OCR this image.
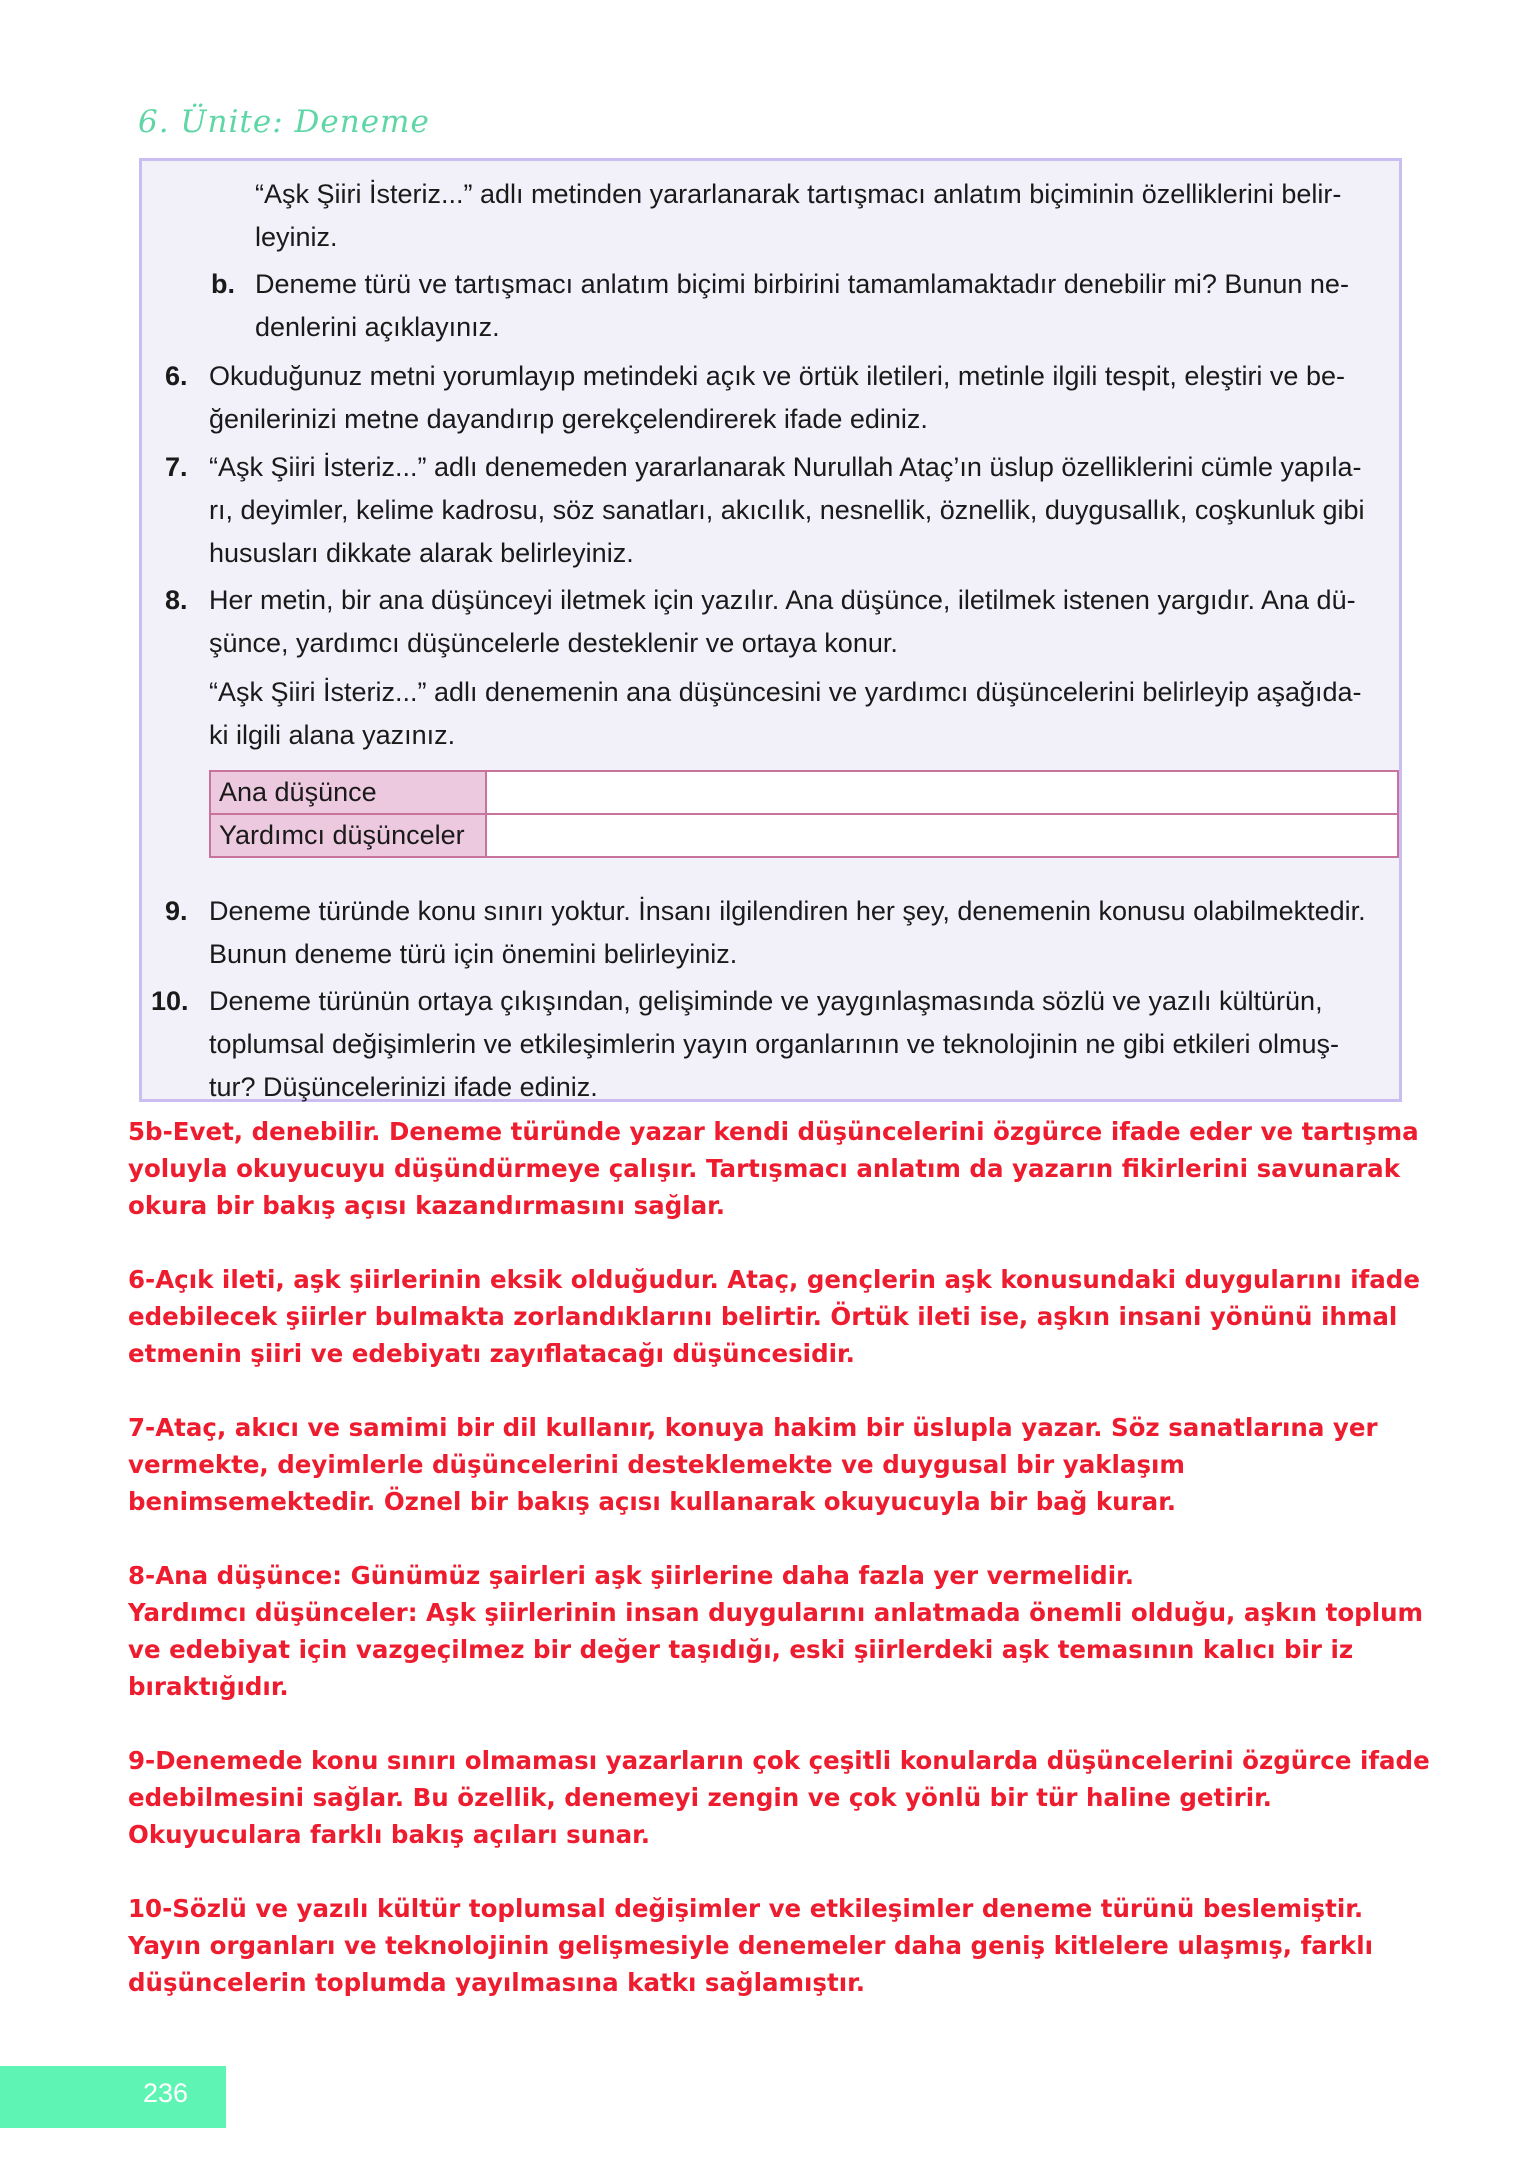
6. Ünite: Deneme
“Aşk Şiiri İsteriz...” adlı metinden yararlanarak tartışmacı anlatım biçiminin özelliklerini belir-
leyiniz.
b. Deneme türü ve tartışmacı anlatım biçimi birbirini tamamlamaktadır denebilir mi? Bunun ne-
denlerini açıklayınız.
6. Okuduğunuz metni yorumlayıp metindeki açık ve örtük iletileri, metinle ilgili tespit, eleştiri ve be-
ğenilerinizi metne dayandırıp gerekçelendirerek ifade ediniz.
7. “Aşk Şiiri İsteriz...” adlı denemeden yararlanarak Nurullah Ataç’ın üslup özelliklerini cümle yapıla-
rı, deyimler, kelime kadrosu, söz sanatları, akıcılık, nesnellik, öznellik, duygusallık, coşkunluk gibi
hususları dikkate alarak belirleyiniz.
8. Her metin, bir ana düşünceyi iletmek için yazılır. Ana düşünce, iletilmek istenen yargıdır. Ana dü-
şünce, yardımcı düşüncelerle desteklenir ve ortaya konur.
“Aşk Şiiri İsteriz...” adlı denemenin ana düşüncesini ve yardımcı düşüncelerini belirleyip aşağıda-
ki ilgili alana yazınız.
Ana düşünce	
Yardımcı düşünceler	
9. Deneme türünde konu sınırı yoktur. İnsanı ilgilendiren her şey, denemenin konusu olabilmektedir.
Bunun deneme türü için önemini belirleyiniz.
10. Deneme türünün ortaya çıkışından, gelişiminde ve yaygınlaşmasında sözlü ve yazılı kültürün,
toplumsal değişimlerin ve etkileşimlerin yayın organlarının ve teknolojinin ne gibi etkileri olmuş-
tur? Düşüncelerinizi ifade ediniz.
5b-Evet, denebilir. Deneme türünde yazar kendi düşüncelerini özgürce ifade eder ve tartışma
yoluyla okuyucuyu düşündürmeye çalışır. Tartışmacı anlatım da yazarın fikirlerini savunarak
okura bir bakış açısı kazandırmasını sağlar.
6-Açık ileti, aşk şiirlerinin eksik olduğudur. Ataç, gençlerin aşk konusundaki duygularını ifade
edebilecek şiirler bulmakta zorlandıklarını belirtir. Örtük ileti ise, aşkın insani yönünü ihmal
etmenin şiiri ve edebiyatı zayıflatacağı düşüncesidir.
7-Ataç, akıcı ve samimi bir dil kullanır, konuya hakim bir üslupla yazar. Söz sanatlarına yer
vermekte, deyimlerle düşüncelerini desteklemekte ve duygusal bir yaklaşım
benimsemektedir. Öznel bir bakış açısı kullanarak okuyucuyla bir bağ kurar.
8-Ana düşünce: Günümüz şairleri aşk şiirlerine daha fazla yer vermelidir.
Yardımcı düşünceler: Aşk şiirlerinin insan duygularını anlatmada önemli olduğu, aşkın toplum
ve edebiyat için vazgeçilmez bir değer taşıdığı, eski şiirlerdeki aşk temasının kalıcı bir iz
bıraktığıdır.
9-Denemede konu sınırı olmaması yazarların çok çeşitli konularda düşüncelerini özgürce ifade
edebilmesini sağlar. Bu özellik, denemeyi zengin ve çok yönlü bir tür haline getirir.
Okuyuculara farklı bakış açıları sunar.
10-Sözlü ve yazılı kültür toplumsal değişimler ve etkileşimler deneme türünü beslemiştir.
Yayın organları ve teknolojinin gelişmesiyle denemeler daha geniş kitlelere ulaşmış, farklı
düşüncelerin toplumda yayılmasına katkı sağlamıştır.
236
